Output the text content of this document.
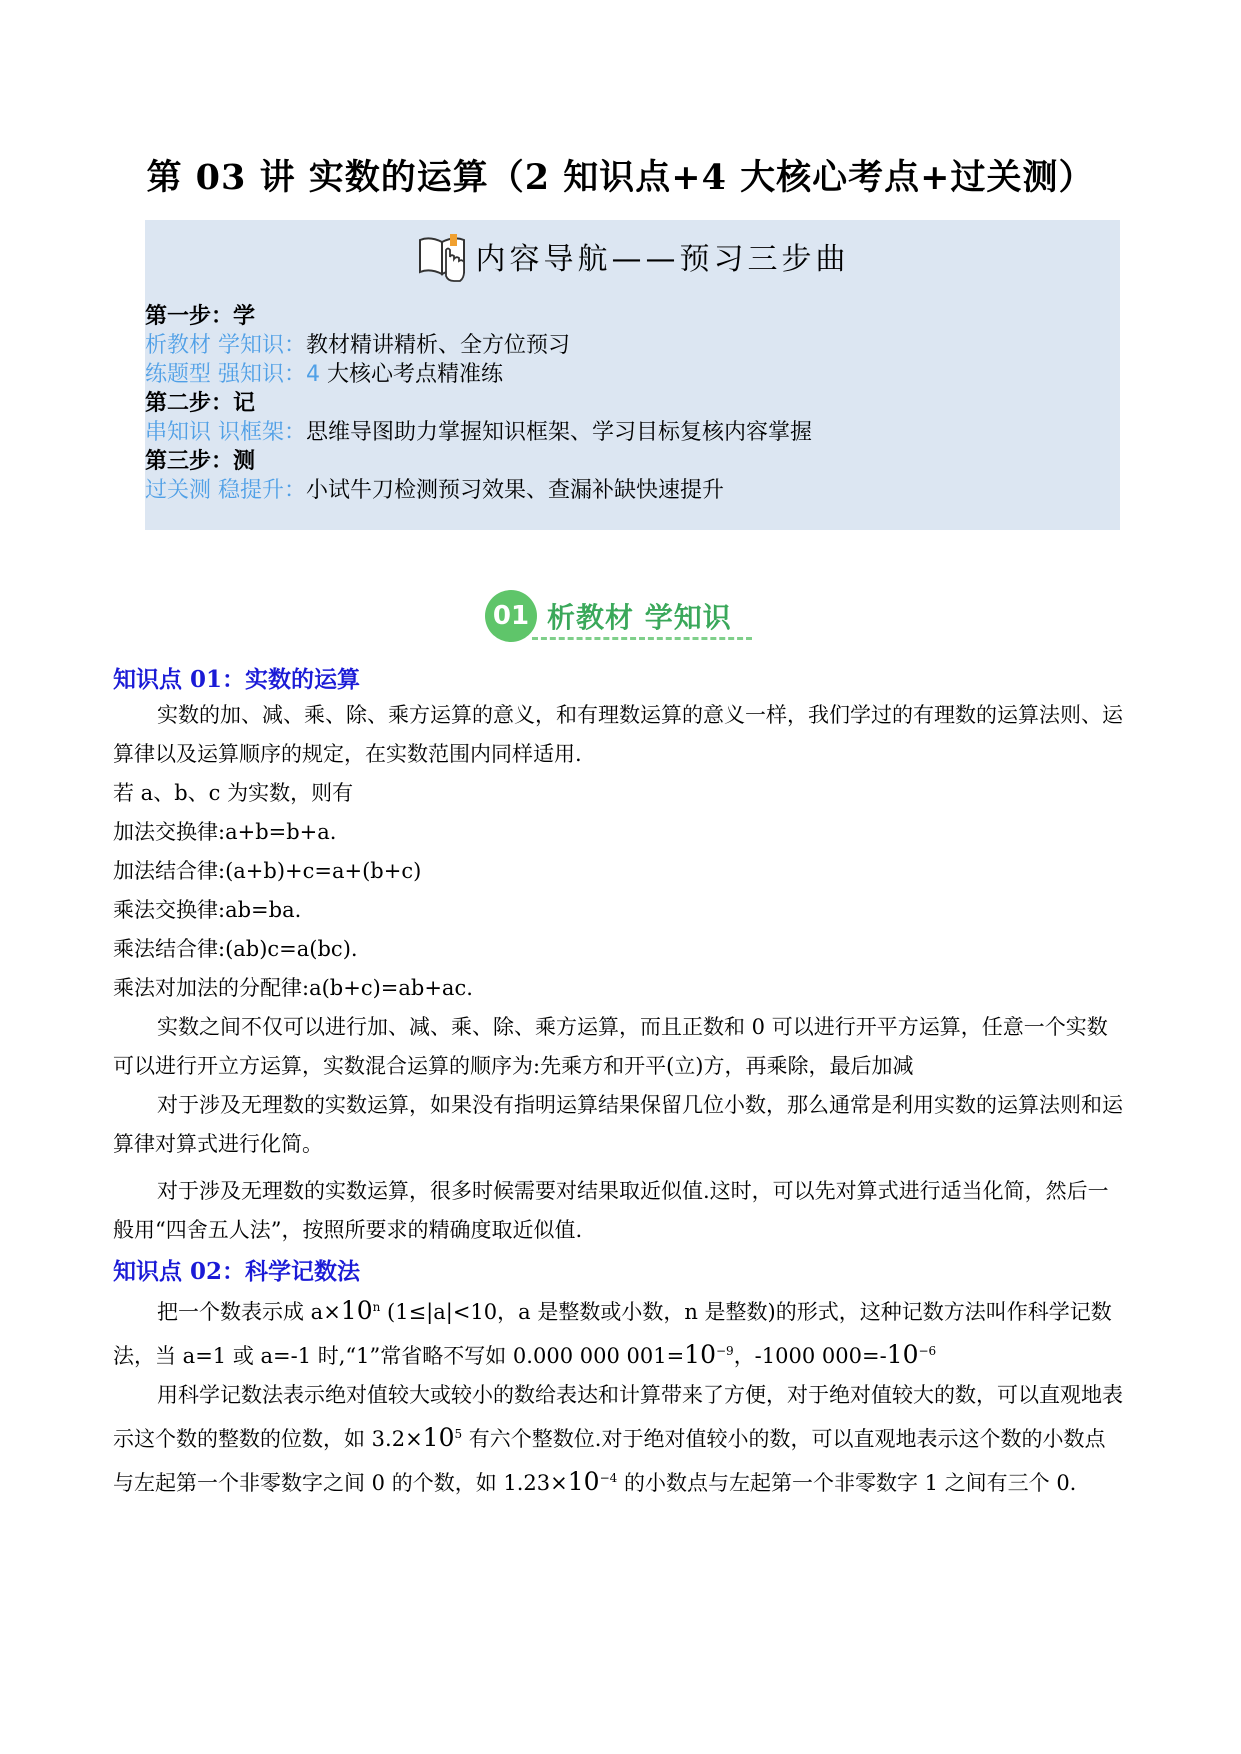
第 03 讲 实数的运算（2 知识点+4 大核心考点+过关测）
内容导航——预习三步曲
第一步：学
析教材 学知识：教材精讲精析、全方位预习
练题型 强知识：4 大核心考点精准练
第二步：记
串知识 识框架：思维导图助力掌握知识框架、学习目标复核内容掌握
第三步：测
过关测 稳提升：小试牛刀检测预习效果、查漏补缺快速提升
01 析教材 学知识
知识点 01：实数的运算
实数的加、减、乘、除、乘方运算的意义，和有理数运算的意义一样，我们学过的有理数的运算法则、运算律以及运算顺序的规定，在实数范围内同样适用.
若 a、b、c 为实数，则有
加法交换律:a+b=b+a.
加法结合律:(a+b)+c=a+(b+c)
乘法交换律:ab=ba.
乘法结合律:(ab)c=a(bc).
乘法对加法的分配律:a(b+c)=ab+ac.
实数之间不仅可以进行加、减、乘、除、乘方运算，而且正数和 0 可以进行开平方运算，任意一个实数可以进行开立方运算，实数混合运算的顺序为:先乘方和开平(立)方，再乘除，最后加减
对于涉及无理数的实数运算，如果没有指明运算结果保留几位小数，那么通常是利用实数的运算法则和运算律对算式进行化简。
对于涉及无理数的实数运算，很多时候需要对结果取近似值.这时，可以先对算式进行适当化简，然后一般用“四舍五人法”，按照所要求的精确度取近似值.
知识点 02：科学记数法
把一个数表示成 $a\times 10^n$ (1≤|a|<10，a 是整数或小数，n 是整数)的形式，这种记数方法叫作科学记数法，当 a=1 或 a=-1 时,“1”常省略不写如 0.000 000 $001=10^{-9}$，-1000 $000=-10^{-6}$
用科学记数法表示绝对值较大或较小的数给表达和计算带来了方便，对于绝对值较大的数，可以直观地表示这个数的整数的位数，如 $3.2\times 10^5$ 有六个整数位.对于绝对值较小的数，可以直观地表示这个数的小数点与左起第一个非零数字之间 0 的个数，如 $1.23\times 10^{-4}$ 的小数点与左起第一个非零数字 1 之间有三个 0.
